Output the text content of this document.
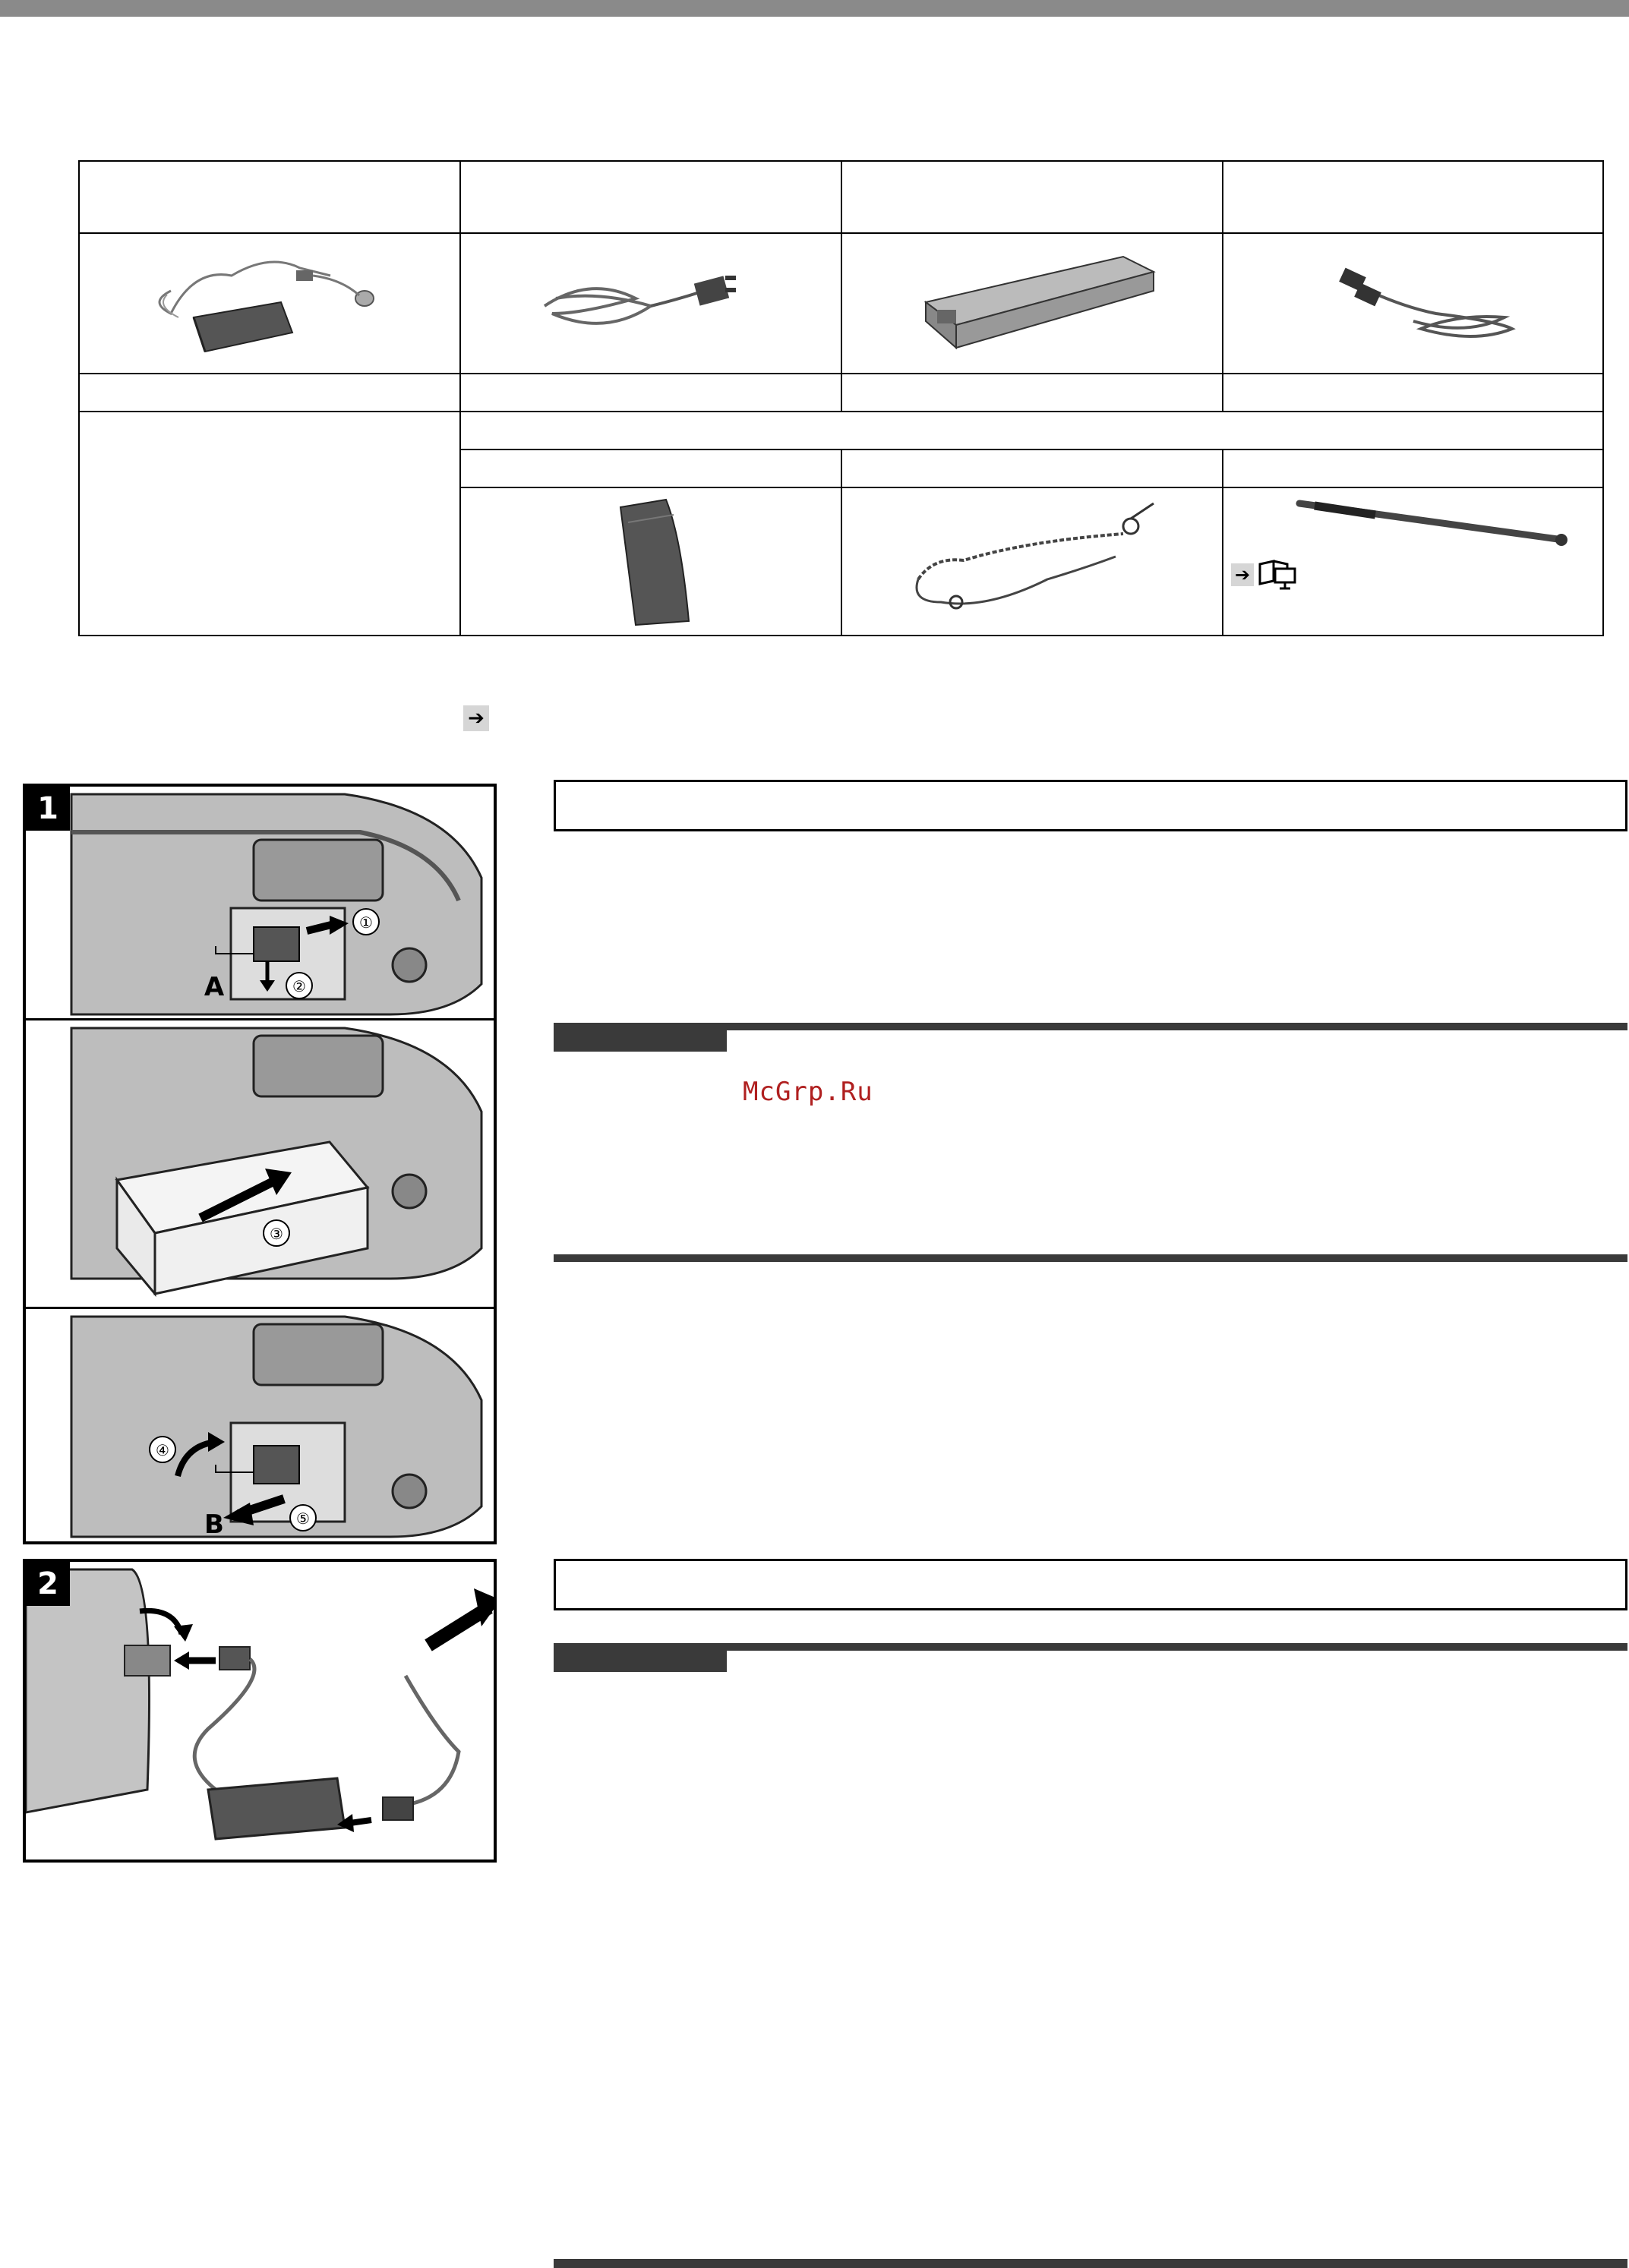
➔
➔
1
①
②
A
③
④
⑤
B
2
McGrp.Ru
